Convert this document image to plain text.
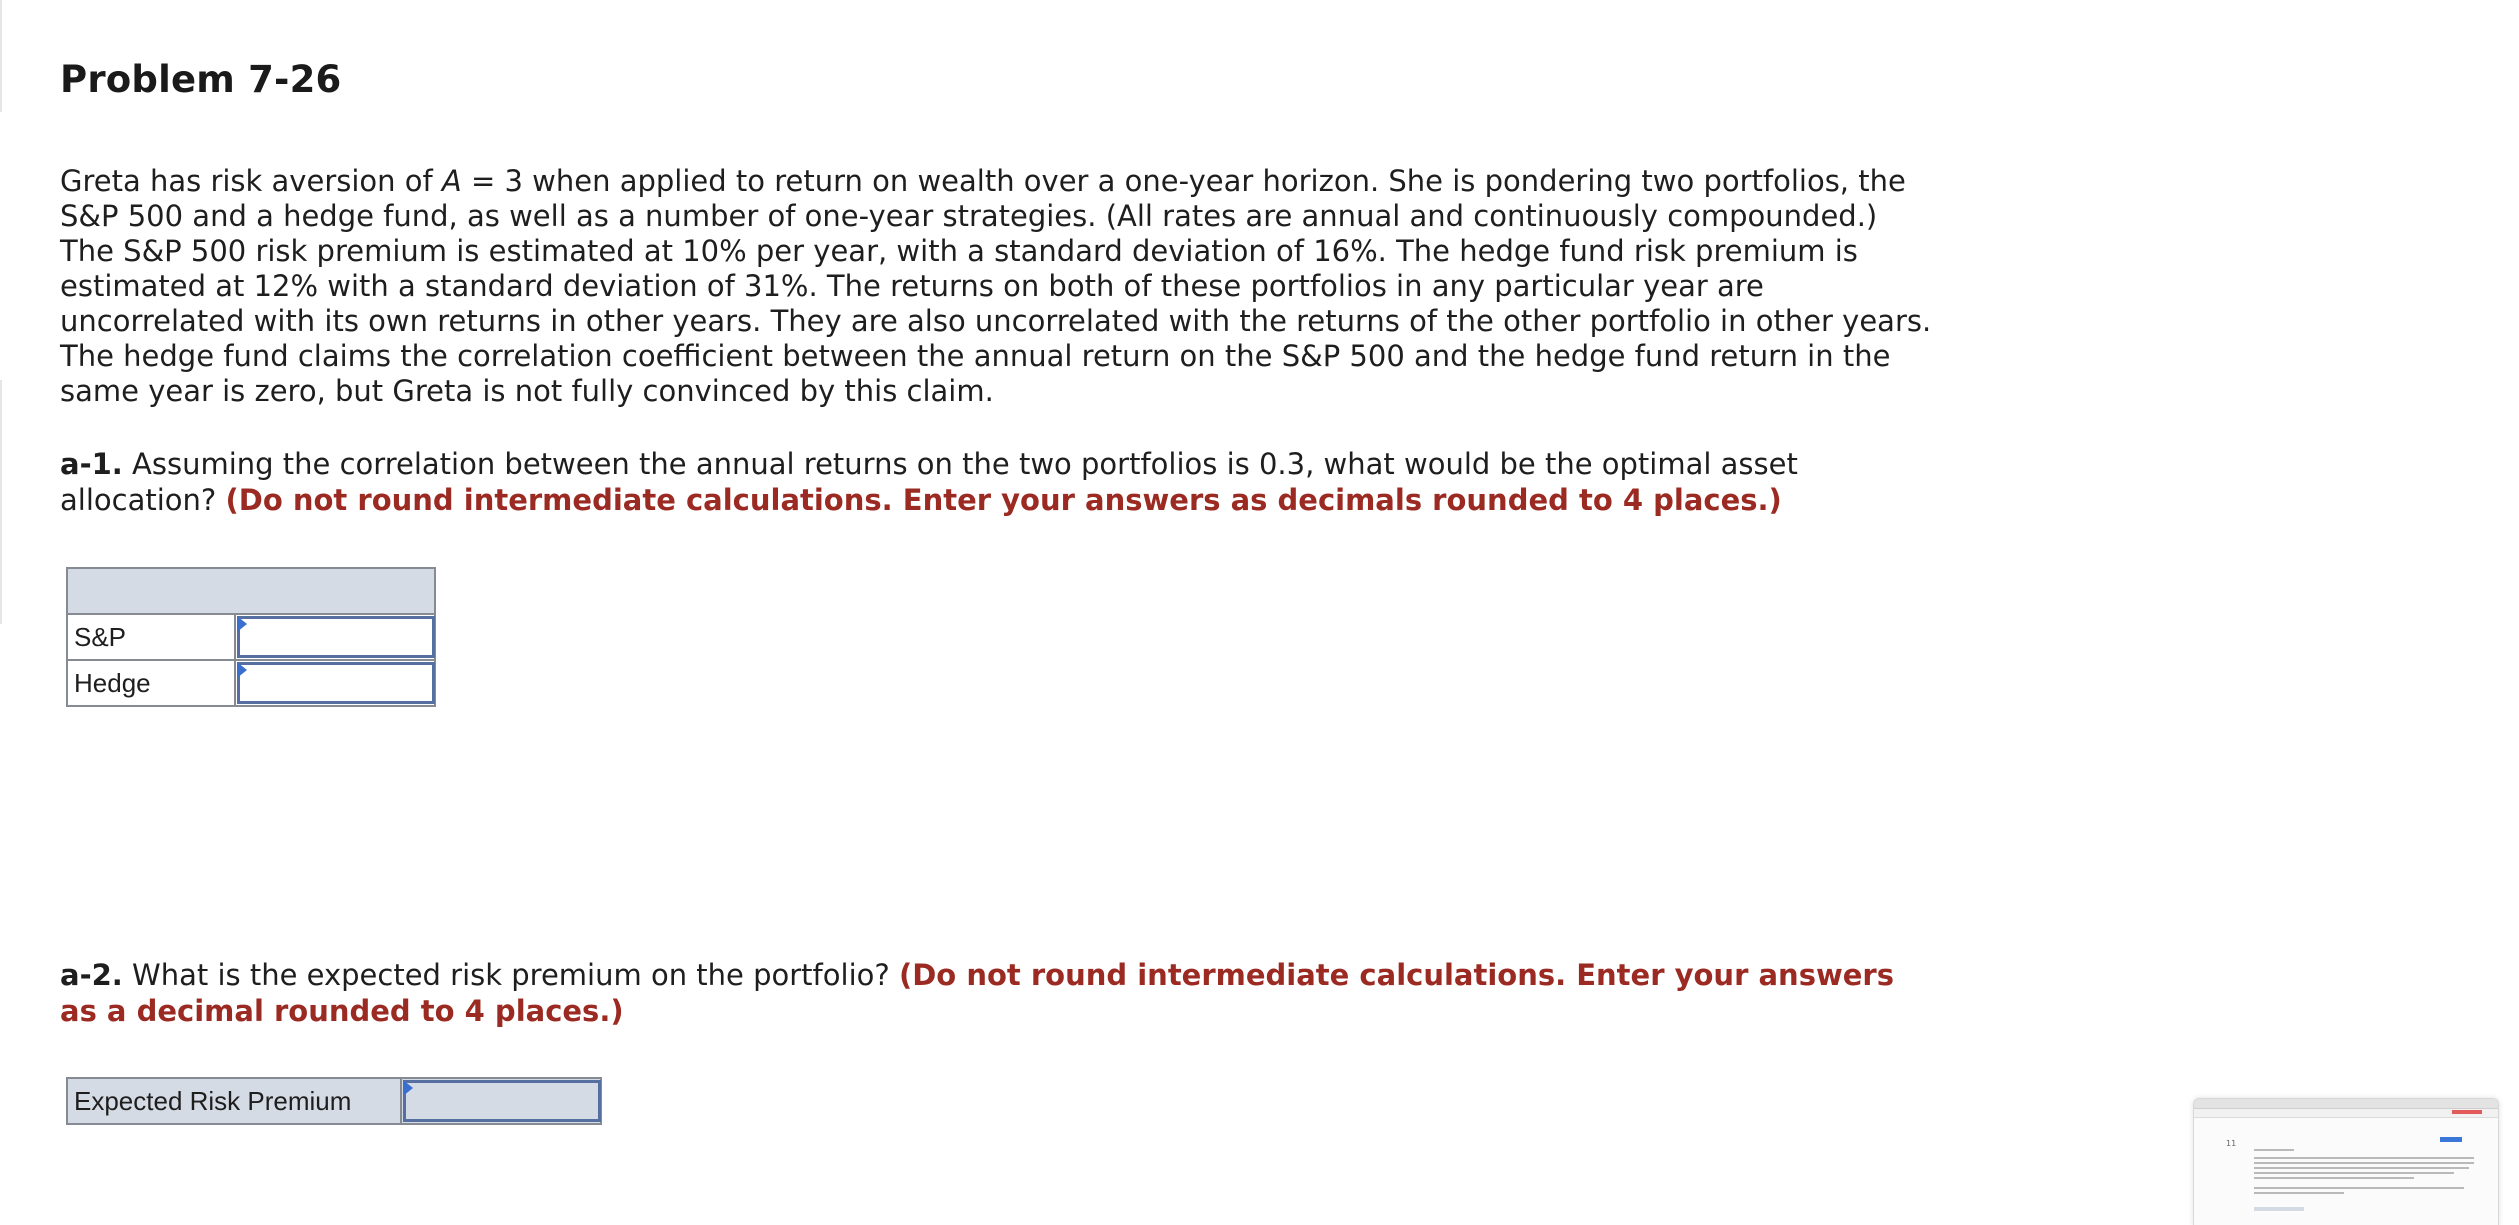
Problem 7-26

Greta has risk aversion of A = 3 when applied to return on wealth over a one-year horizon. She is pondering two portfolios, the S&P 500 and a hedge fund, as well as a number of one-year strategies. (All rates are annual and continuously compounded.) The S&P 500 risk premium is estimated at 10% per year, with a standard deviation of 16%. The hedge fund risk premium is estimated at 12% with a standard deviation of 31%. The returns on both of these portfolios in any particular year are uncorrelated with its own returns in other years. They are also uncorrelated with the returns of the other portfolio in other years. The hedge fund claims the correlation coefficient between the annual return on the S&P 500 and the hedge fund return in the same year is zero, but Greta is not fully convinced by this claim.

a-1. Assuming the correlation between the annual returns on the two portfolios is 0.3, what would be the optimal asset allocation? (Do not round intermediate calculations. Enter your answers as decimals rounded to 4 places.)

S&P	

Hedge	

a-2. What is the expected risk premium on the portfolio? (Do not round intermediate calculations. Enter your answers as a decimal rounded to 4 places.)

Expected Risk Premium	
11
